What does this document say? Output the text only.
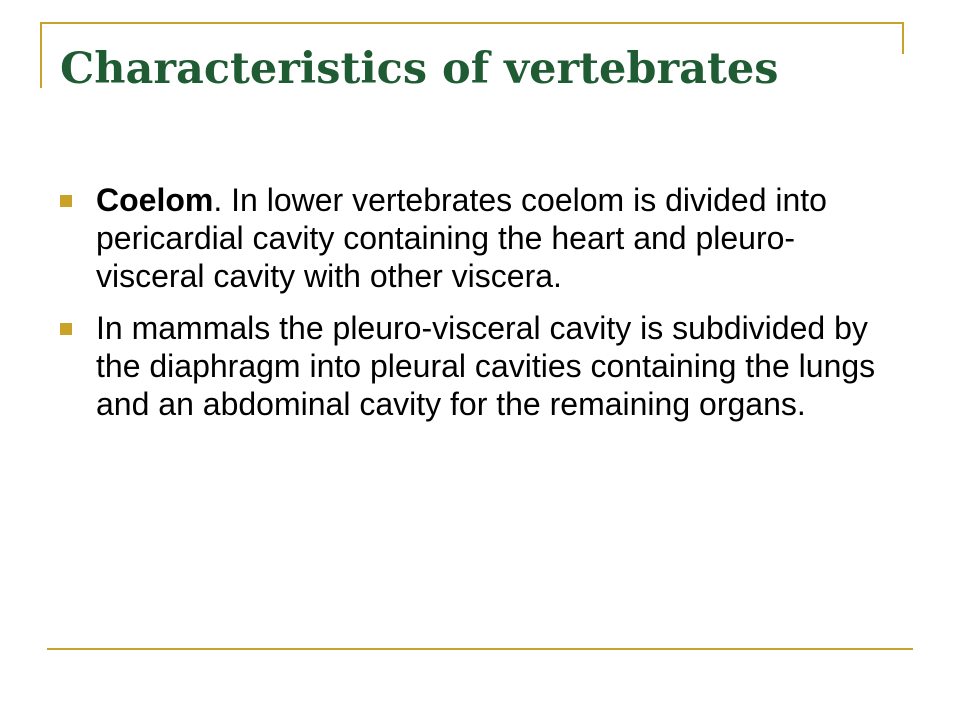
Characteristics of vertebrates
Coelom. In lower vertebrates coelom is divided into pericardial cavity containing the heart and pleuro-visceral cavity with other viscera.
In mammals the pleuro-visceral cavity is subdivided by the diaphragm into pleural cavities containing the lungs and an abdominal cavity for the remaining organs.
